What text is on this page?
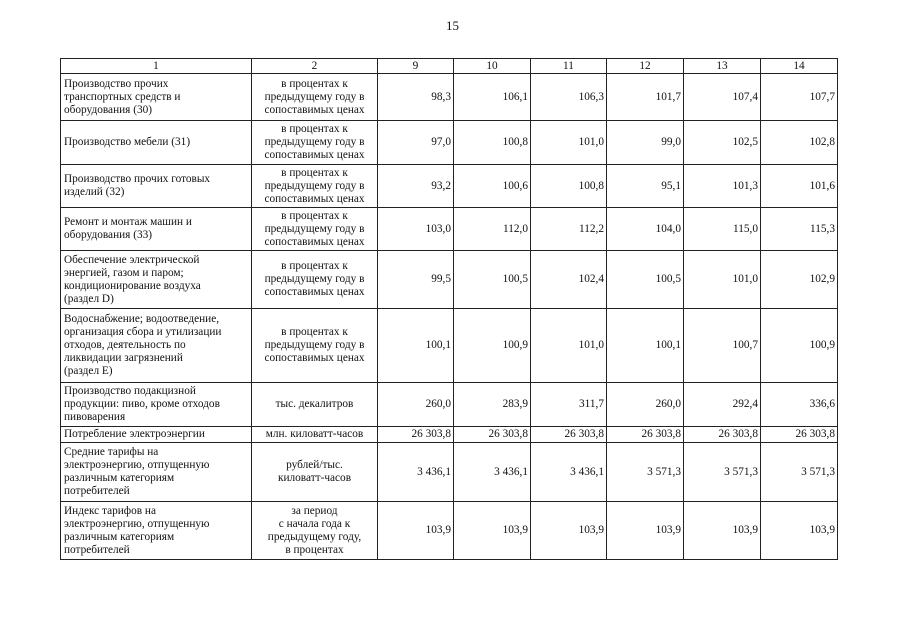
15
1	2	9	10	11	12	13	14

Производство прочих
транспортных средств и
оборудования (30)	в процентах к
предыдущему году в
сопоставимых ценах	98,3	106,1	106,3	101,7	107,4	107,7

Производство мебели (31)	в процентах к
предыдущему году в
сопоставимых ценах	97,0	100,8	101,0	99,0	102,5	102,8

Производство прочих готовых
изделий (32)	в процентах к
предыдущему году в
сопоставимых ценах	93,2	100,6	100,8	95,1	101,3	101,6

Ремонт и монтаж машин и
оборудования (33)	в процентах к
предыдущему году в
сопоставимых ценах	103,0	112,0	112,2	104,0	115,0	115,3

Обеспечение электрической
энергией, газом и паром;
кондиционирование воздуха
(раздел D)	в процентах к
предыдущему году в
сопоставимых ценах	99,5	100,5	102,4	100,5	101,0	102,9

Водоснабжение; водоотведение,
организация сбора и утилизации
отходов, деятельность по
ликвидации загрязнений
(раздел E)	в процентах к
предыдущему году в
сопоставимых ценах	100,1	100,9	101,0	100,1	100,7	100,9

Производство подакцизной
продукции: пиво, кроме отходов
пивоварения	тыс. декалитров	260,0	283,9	311,7	260,0	292,4	336,6

Потребление электроэнергии	млн. киловатт-часов	26 303,8	26 303,8	26 303,8	26 303,8	26 303,8	26 303,8

Средние тарифы на
электроэнергию, отпущенную
различным категориям
потребителей	рублей/тыс.
киловатт-часов	3 436,1	3 436,1	3 436,1	3 571,3	3 571,3	3 571,3

Индекс тарифов на
электроэнергию, отпущенную
различным категориям
потребителей	за период
с начала года к
предыдущему году,
в процентах	103,9	103,9	103,9	103,9	103,9	103,9
